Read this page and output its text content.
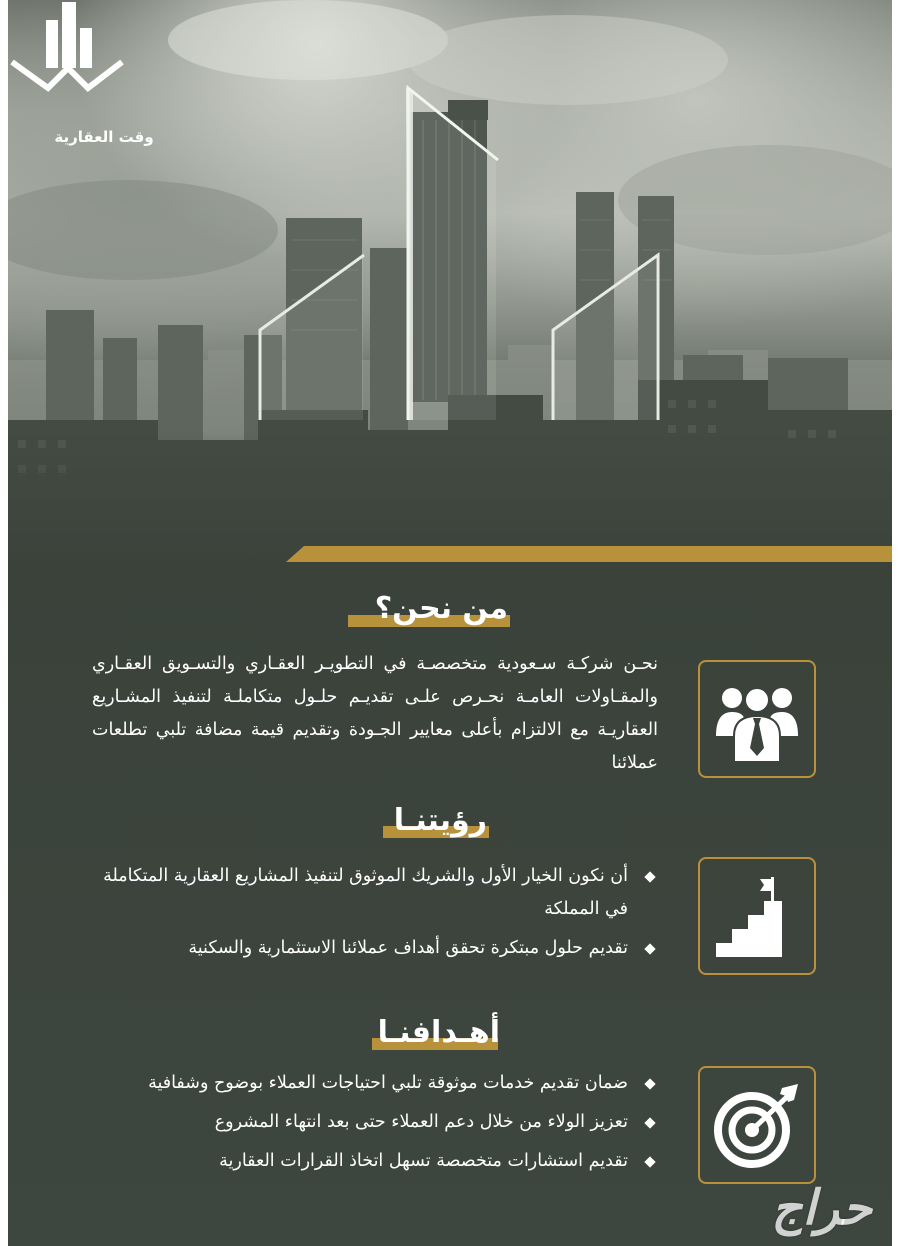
وقت العقارية
من نحن؟
نحـن شركـة سـعودية متخصصـة في التطويـر العقـاري والتسـويق العقـاري والمقـاولات العامـة نحـرص علـى تقديـم حلـول متكاملـة لتنفيذ المشـاريع العقاريـة مع الالتزام بأعلى معايير الجـودة وتقديم قيمة مضافة تلبي تطلعات عملائنا
رؤيتنـا
أن نكون الخيار الأول والشريك الموثوق لتنفيذ المشاريع العقارية المتكاملة في المملكة
تقديم حلول مبتكرة تحقق أهداف عملائنا الاستثمارية والسكنية
أهـدافنـا
ضمان تقديم خدمات موثوقة تلبي احتياجات العملاء بوضوح وشفافية
تعزيز الولاء من خلال دعم العملاء حتى بعد انتهاء المشروع
تقديم استشارات متخصصة تسهل اتخاذ القرارات العقارية
حراج
